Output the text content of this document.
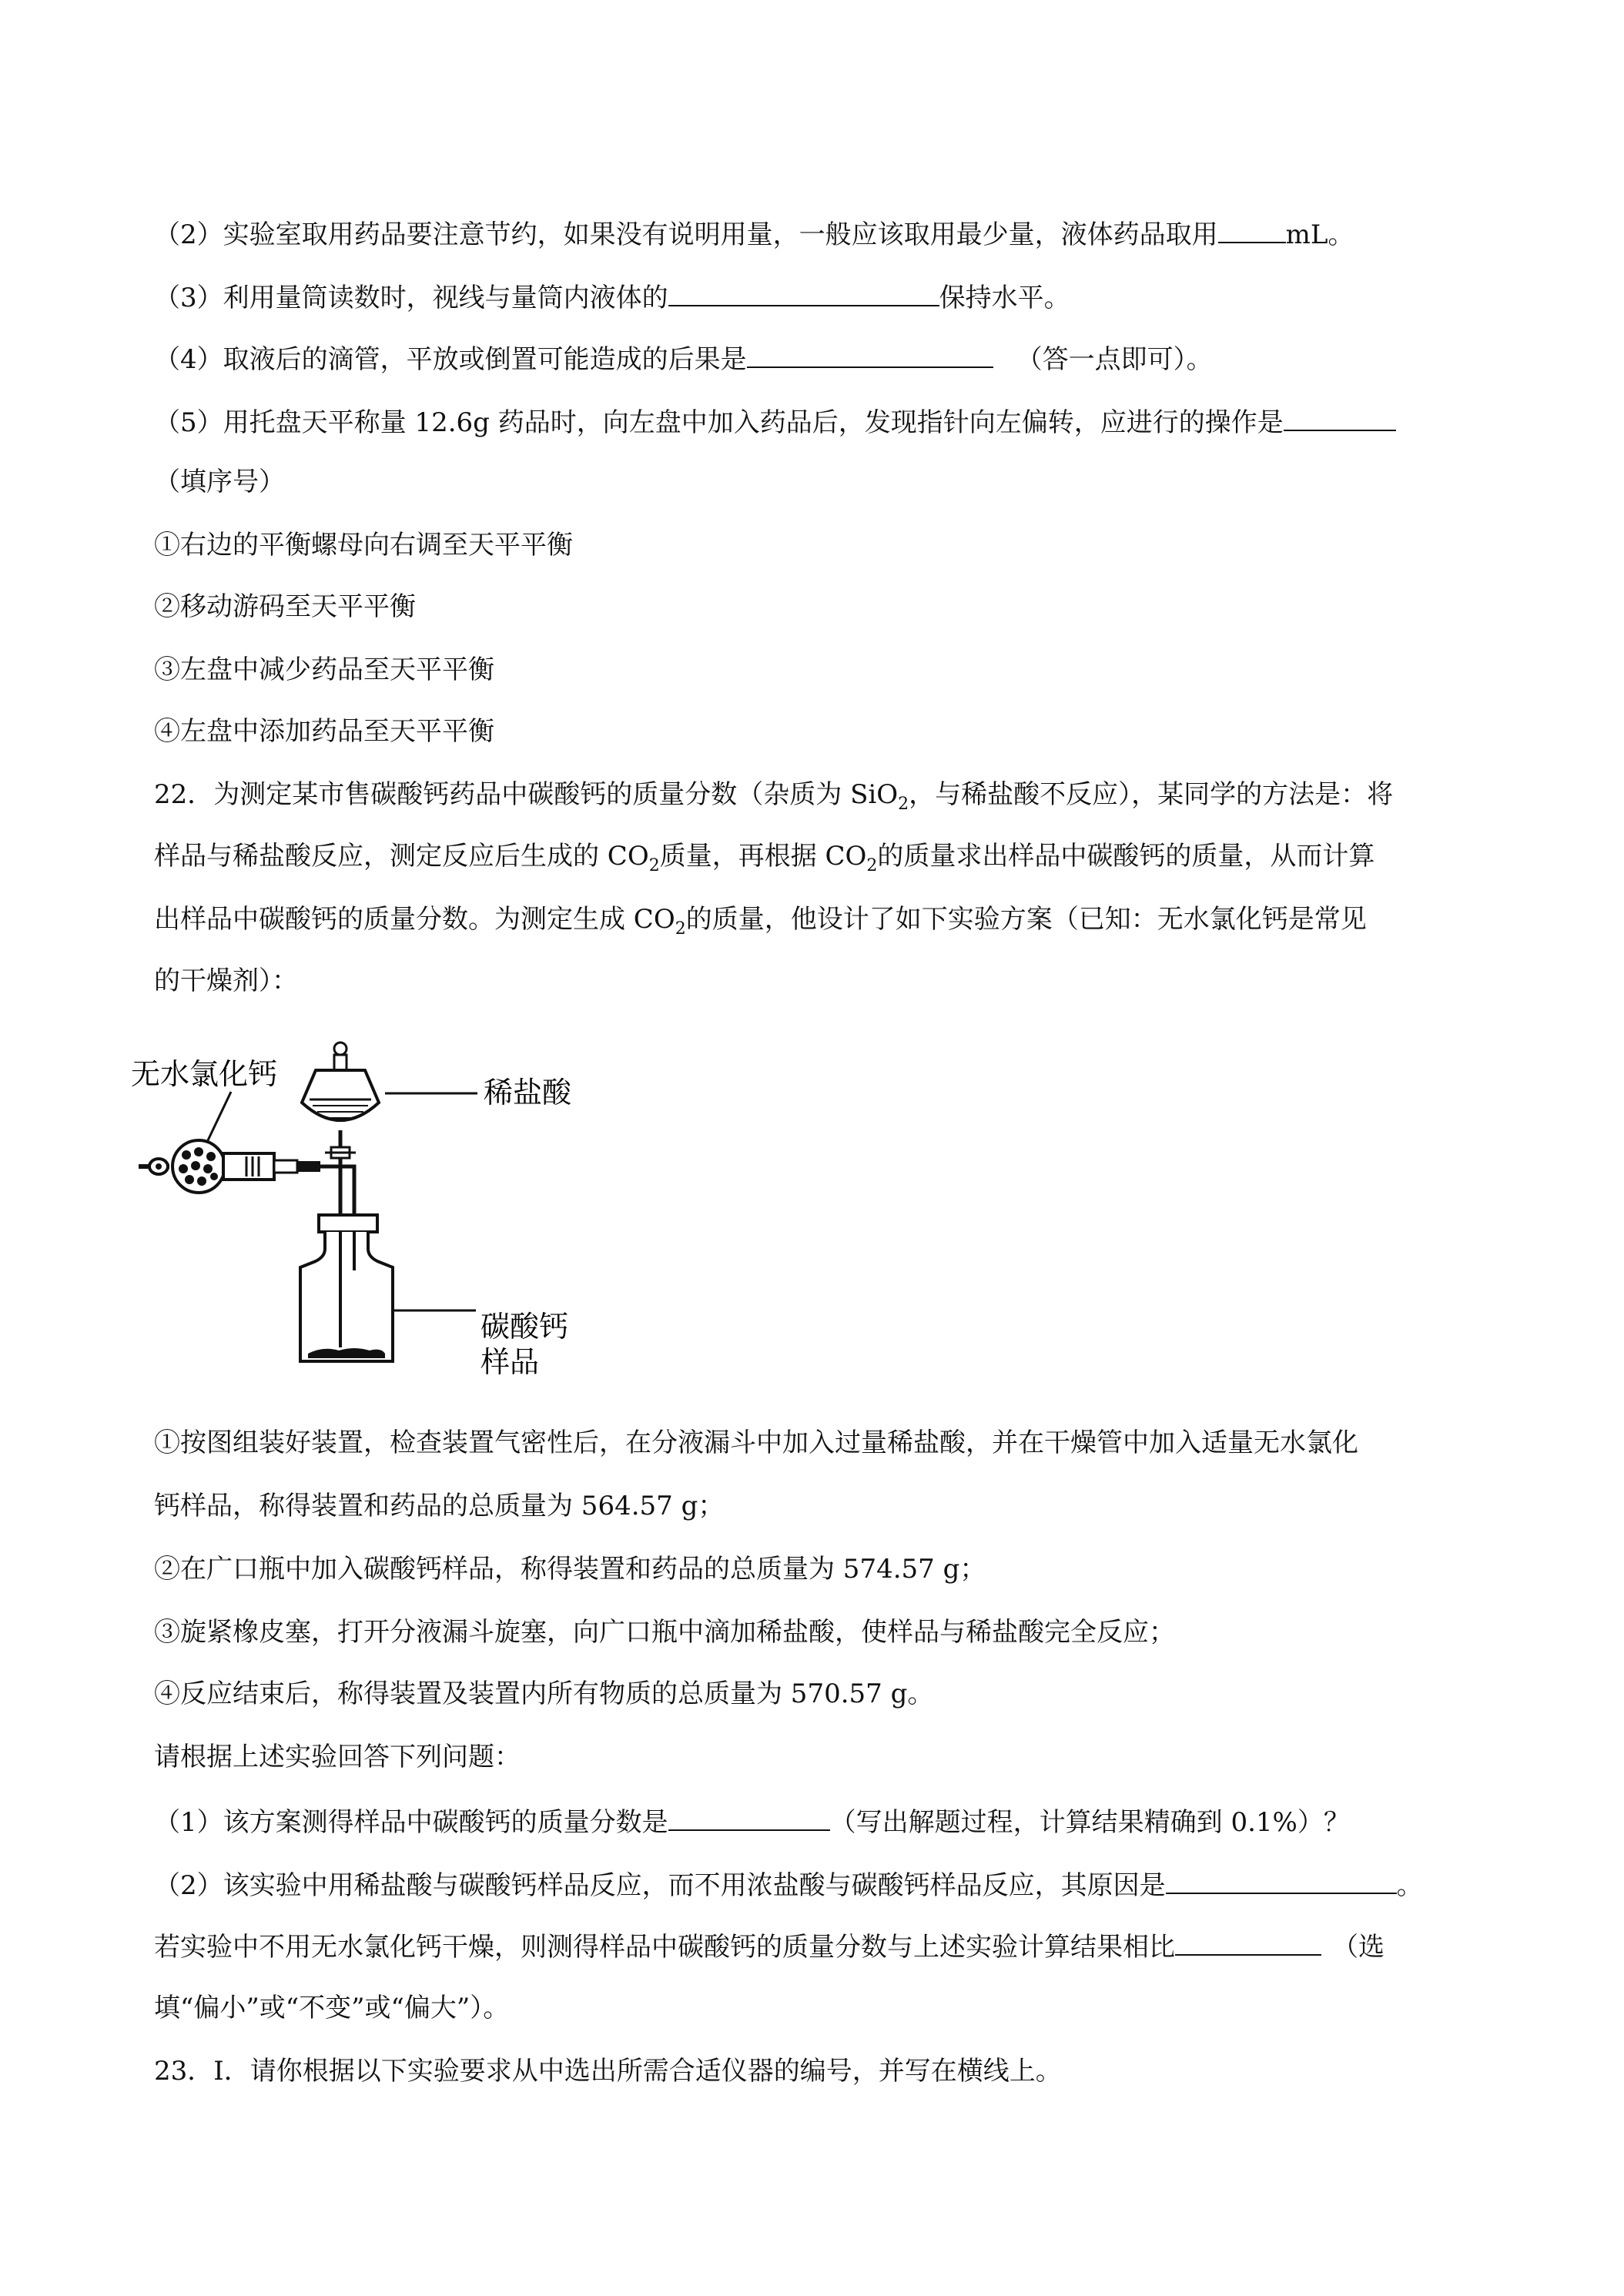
（2）实验室取用药品要注意节约，如果没有说明用量，一般应该取用最少量，液体药品取用	mL。
（3）利用量筒读数时，视线与量筒内液体的	保持水平。
（4）取液后的滴管，平放或倒置可能造成的后果是	（答一点即可）。
（5）用托盘天平称量 12.6g 药品时，向左盘中加入药品后，发现指针向左偏转，应进行的操作是
（填序号）
①右边的平衡螺母向右调至天平平衡
②移动游码至天平平衡
③左盘中减少药品至天平平衡
④左盘中添加药品至天平平衡
22．为测定某市售碳酸钙药品中碳酸钙的质量分数（杂质为 SiO$_2$，与稀盐酸不反应），某同学的方法是：将
样品与稀盐酸反应，测定反应后生成的 $CO_2$质量，再根据 $CO_2$的质量求出样品中碳酸钙的质量，从而计算
出样品中碳酸钙的质量分数。为测定生成 $CO_2$的质量，他设计了如下实验方案（已知：无水氯化钙是常见
的干燥剂）：
无水氯化钙
稀盐酸
碳酸钙
样品
①按图组装好装置，检查装置气密性后，在分液漏斗中加入过量稀盐酸，并在干燥管中加入适量无水氯化
钙样品，称得装置和药品的总质量为 564.57 g；
②在广口瓶中加入碳酸钙样品，称得装置和药品的总质量为 574.57 g；
③旋紧橡皮塞，打开分液漏斗旋塞，向广口瓶中滴加稀盐酸，使样品与稀盐酸完全反应；
④反应结束后，称得装置及装置内所有物质的总质量为 570.57 g。
请根据上述实验回答下列问题：
（1）该方案测得样品中碳酸钙的质量分数是	（写出解题过程，计算结果精确到 0.1%）？
（2）该实验中用稀盐酸与碳酸钙样品反应，而不用浓盐酸与碳酸钙样品反应，其原因是	。
若实验中不用无水氯化钙干燥，则测得样品中碳酸钙的质量分数与上述实验计算结果相比	（选
填“偏小”或“不变”或“偏大”）。
23．I．请你根据以下实验要求从中选出所需合适仪器的编号，并写在横线上。
